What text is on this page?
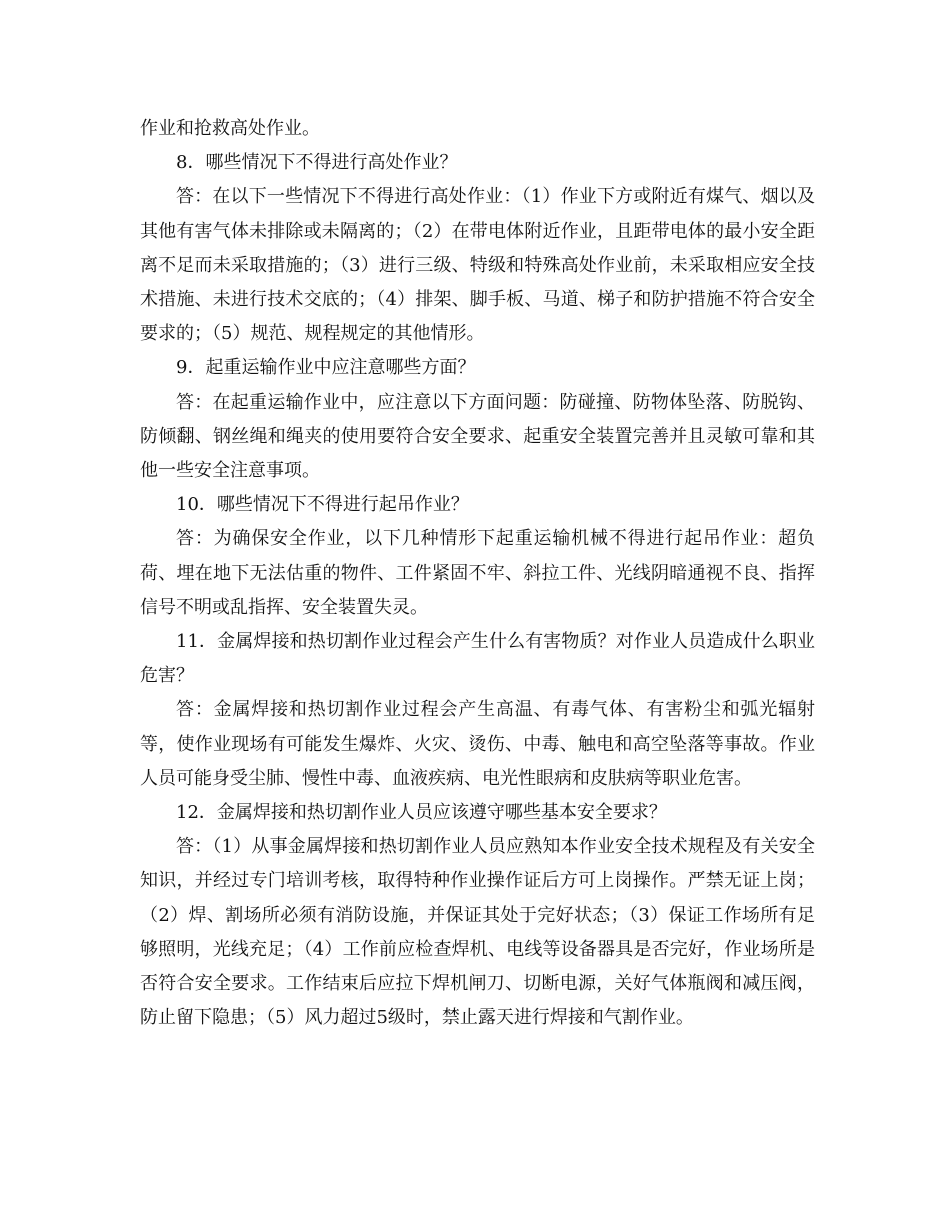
作业和抢救高处作业。

8．哪些情况下不得进行高处作业？

答：在以下一些情况下不得进行高处作业：（1）作业下方或附近有煤气、烟以及其他有害气体未排除或未隔离的；（2）在带电体附近作业，且距带电体的最小安全距离不足而未采取措施的；（3）进行三级、特级和特殊高处作业前，未采取相应安全技术措施、未进行技术交底的；（4）排架、脚手板、马道、梯子和防护措施不符合安全要求的；（5）规范、规程规定的其他情形。

9．起重运输作业中应注意哪些方面？

答：在起重运输作业中，应注意以下方面问题：防碰撞、防物体坠落、防脱钩、防倾翻、钢丝绳和绳夹的使用要符合安全要求、起重安全装置完善并且灵敏可靠和其他一些安全注意事项。

10．哪些情况下不得进行起吊作业？

答：为确保安全作业，以下几种情形下起重运输机械不得进行起吊作业：超负荷、埋在地下无法估重的物件、工件紧固不牢、斜拉工件、光线阴暗通视不良、指挥信号不明或乱指挥、安全装置失灵。

11．金属焊接和热切割作业过程会产生什么有害物质？对作业人员造成什么职业危害？

答：金属焊接和热切割作业过程会产生高温、有毒气体、有害粉尘和弧光辐射等，使作业现场有可能发生爆炸、火灾、烫伤、中毒、触电和高空坠落等事故。作业人员可能身受尘肺、慢性中毒、血液疾病、电光性眼病和皮肤病等职业危害。

12．金属焊接和热切割作业人员应该遵守哪些基本安全要求？

答：（1）从事金属焊接和热切割作业人员应熟知本作业安全技术规程及有关安全知识，并经过专门培训考核，取得特种作业操作证后方可上岗操作。严禁无证上岗；（2）焊、割场所必须有消防设施，并保证其处于完好状态；（3）保证工作场所有足够照明，光线充足；（4）工作前应检查焊机、电线等设备器具是否完好，作业场所是否符合安全要求。工作结束后应拉下焊机闸刀、切断电源，关好气体瓶阀和减压阀，防止留下隐患；（5）风力超过5级时，禁止露天进行焊接和气割作业。
